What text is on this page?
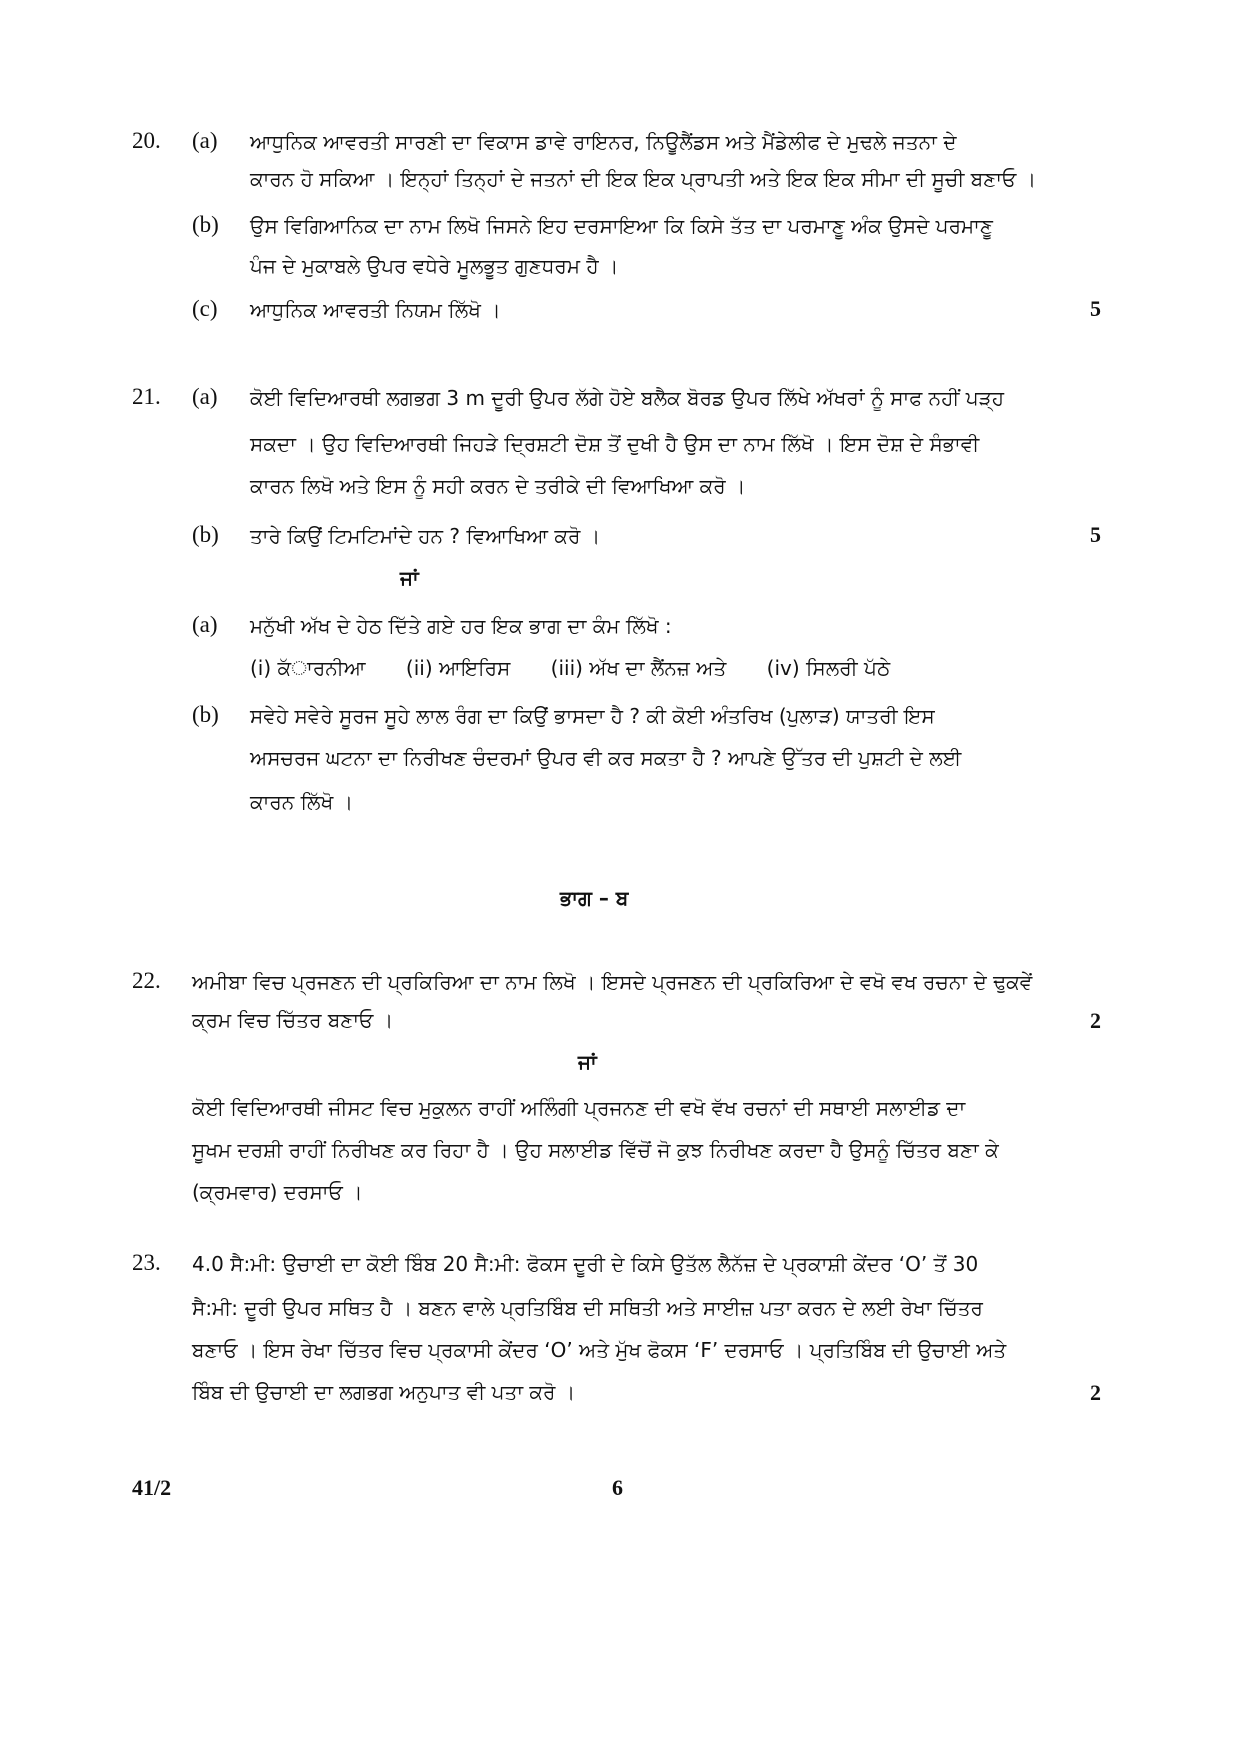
20. (a) ਆਧੁਨਿਕ ਆਵਰਤੀ ਸਾਰਣੀ ਦਾ ਵਿਕਾਸ ਡਾਵੇ ਰਾਇਨਰ, ਨਿਊਲੈਂਡਸ ਅਤੇ ਮੈਂਡੇਲੀਫ ਦੇ ਮੁਢਲੇ ਜਤਨਾ ਦੇ
ਕਾਰਨ ਹੋ ਸਕਿਆ । ਇਨ੍ਹਾਂ ਤਿਨ੍ਹਾਂ ਦੇ ਜਤਨਾਂ ਦੀ ਇਕ ਇਕ ਪ੍ਰਾਪਤੀ ਅਤੇ ਇਕ ਇਕ ਸੀਮਾ ਦੀ ਸੂਚੀ ਬਣਾਓ ।
(b) ਉਸ ਵਿਗਿਆਨਿਕ ਦਾ ਨਾਮ ਲਿਖੋ ਜਿਸਨੇ ਇਹ ਦਰਸਾਇਆ ਕਿ ਕਿਸੇ ਤੱਤ ਦਾ ਪਰਮਾਣੂ ਅੰਕ ਉਸਦੇ ਪਰਮਾਣੂ
ਪੰਜ ਦੇ ਮੁਕਾਬਲੇ ਉਪਰ ਵਧੇਰੇ ਮੂਲਭੂਤ ਗੁਣਧਰਮ ਹੈ ।
(c) ਆਧੁਨਿਕ ਆਵਰਤੀ ਨਿਯਮ ਲਿੱਖੋ ।	5
21. (a) ਕੋਈ ਵਿਦਿਆਰਥੀ ਲਗਭਗ 3 m ਦੂਰੀ ਉਪਰ ਲੱਗੇ ਹੋਏ ਬਲੈਕ ਬੋਰਡ ਉਪਰ ਲਿੱਖੇ ਅੱਖਰਾਂ ਨੂੰ ਸਾਫ ਨਹੀਂ ਪੜ੍ਹ
ਸਕਦਾ । ਉਹ ਵਿਦਿਆਰਥੀ ਜਿਹੜੇ ਦ੍ਰਿਸ਼ਟੀ ਦੋਸ਼ ਤੋਂ ਦੁਖੀ ਹੈ ਉਸ ਦਾ ਨਾਮ ਲਿੱਖੋ । ਇਸ ਦੋਸ਼ ਦੇ ਸੰਭਾਵੀ
ਕਾਰਨ ਲਿਖੋ ਅਤੇ ਇਸ ਨੂੰ ਸਹੀ ਕਰਨ ਦੇ ਤਰੀਕੇ ਦੀ ਵਿਆਖਿਆ ਕਰੋ ।
(b) ਤਾਰੇ ਕਿਉਂ ਟਿਮਟਿਮਾਂਦੇ ਹਨ ? ਵਿਆਖਿਆ ਕਰੋ ।	5
ਜਾਂ
(a) ਮਨੁੱਖੀ ਅੱਖ ਦੇ ਹੇਠ ਦਿੱਤੇ ਗਏ ਹਰ ਇਕ ਭਾਗ ਦਾ ਕੰਮ ਲਿੱਖੋ :
(i) ਕੱਾਰਨੀਆ (ii) ਆਇਰਿਸ (iii) ਅੱਖ ਦਾ ਲੈਂਨਜ਼ ਅਤੇ (iv) ਸਿਲਰੀ ਪੱਠੇ
(b) ਸਵੇਹੇ ਸਵੇਰੇ ਸੂਰਜ ਸੂਹੇ ਲਾਲ ਰੰਗ ਦਾ ਕਿਉਂ ਭਾਸਦਾ ਹੈ ? ਕੀ ਕੋਈ ਅੰਤਰਿਖ (ਪੁਲਾੜ) ਯਾਤਰੀ ਇਸ
ਅਸਚਰਜ ਘਟਨਾ ਦਾ ਨਿਰੀਖਣ ਚੰਦਰਮਾਂ ਉਪਰ ਵੀ ਕਰ ਸਕਤਾ ਹੈ ? ਆਪਣੇ ਉੱਤਰ ਦੀ ਪੁਸ਼ਟੀ ਦੇ ਲਈ
ਕਾਰਨ ਲਿੱਖੋ ।
ਭਾਗ – ਬ
22. ਅਮੀਬਾ ਵਿਚ ਪ੍ਰਜਣਨ ਦੀ ਪ੍ਰਕਿਰਿਆ ਦਾ ਨਾਮ ਲਿਖੋ । ਇਸਦੇ ਪ੍ਰਜਣਨ ਦੀ ਪ੍ਰਕਿਰਿਆ ਦੇ ਵਖੋ ਵਖ ਰਚਨਾ ਦੇ ਢੁਕਵੇਂ
ਕ੍ਰਮ ਵਿਚ ਚਿੱਤਰ ਬਣਾਓ ।	2
ਜਾਂ
ਕੋਈ ਵਿਦਿਆਰਥੀ ਜੀਸਟ ਵਿਚ ਮੁਕੁਲਨ ਰਾਹੀਂ ਅਲਿੰਗੀ ਪ੍ਰਜਨਣ ਦੀ ਵਖੋ ਵੱਖ ਰਚਨਾਂ ਦੀ ਸਥਾਈ ਸਲਾਈਡ ਦਾ
ਸੂਖਮ ਦਰਸ਼ੀ ਰਾਹੀਂ ਨਿਰੀਖਣ ਕਰ ਰਿਹਾ ਹੈ । ਉਹ ਸਲਾਈਡ ਵਿੱਚੋਂ ਜੋ ਕੁਝ ਨਿਰੀਖਣ ਕਰਦਾ ਹੈ ਉਸਨੂੰ ਚਿੱਤਰ ਬਣਾ ਕੇ
(ਕ੍ਰਮਵਾਰ) ਦਰਸਾਓ ।
23. 4.0 ਸੈ:ਮੀ: ਉਚਾਈ ਦਾ ਕੋਈ ਬਿੰਬ 20 ਸੈ:ਮੀ: ਫੋਕਸ ਦੂਰੀ ਦੇ ਕਿਸੇ ਉਤੱਲ ਲੈਨੱਜ਼ ਦੇ ਪ੍ਰਕਾਸ਼ੀ ਕੇਂਦਰ ‘O’ ਤੋਂ 30
ਸੈ:ਮੀ: ਦੂਰੀ ਉਪਰ ਸਥਿਤ ਹੈ । ਬਣਨ ਵਾਲੇ ਪ੍ਰਤਿਬਿੰਬ ਦੀ ਸਥਿਤੀ ਅਤੇ ਸਾਈਜ਼ ਪਤਾ ਕਰਨ ਦੇ ਲਈ ਰੇਖਾ ਚਿੱਤਰ
ਬਣਾਓ । ਇਸ ਰੇਖਾ ਚਿੱਤਰ ਵਿਚ ਪ੍ਰਕਾਸੀ ਕੇਂਦਰ ‘O’ ਅਤੇ ਮੁੱਖ ਫੋਕਸ ‘F’ ਦਰਸਾਓ । ਪ੍ਰਤਿਬਿੰਬ ਦੀ ਉਚਾਈ ਅਤੇ
ਬਿੰਬ ਦੀ ਉਚਾਈ ਦਾ ਲਗਭਗ ਅਨੁਪਾਤ ਵੀ ਪਤਾ ਕਰੋ ।	2
41/2	6
